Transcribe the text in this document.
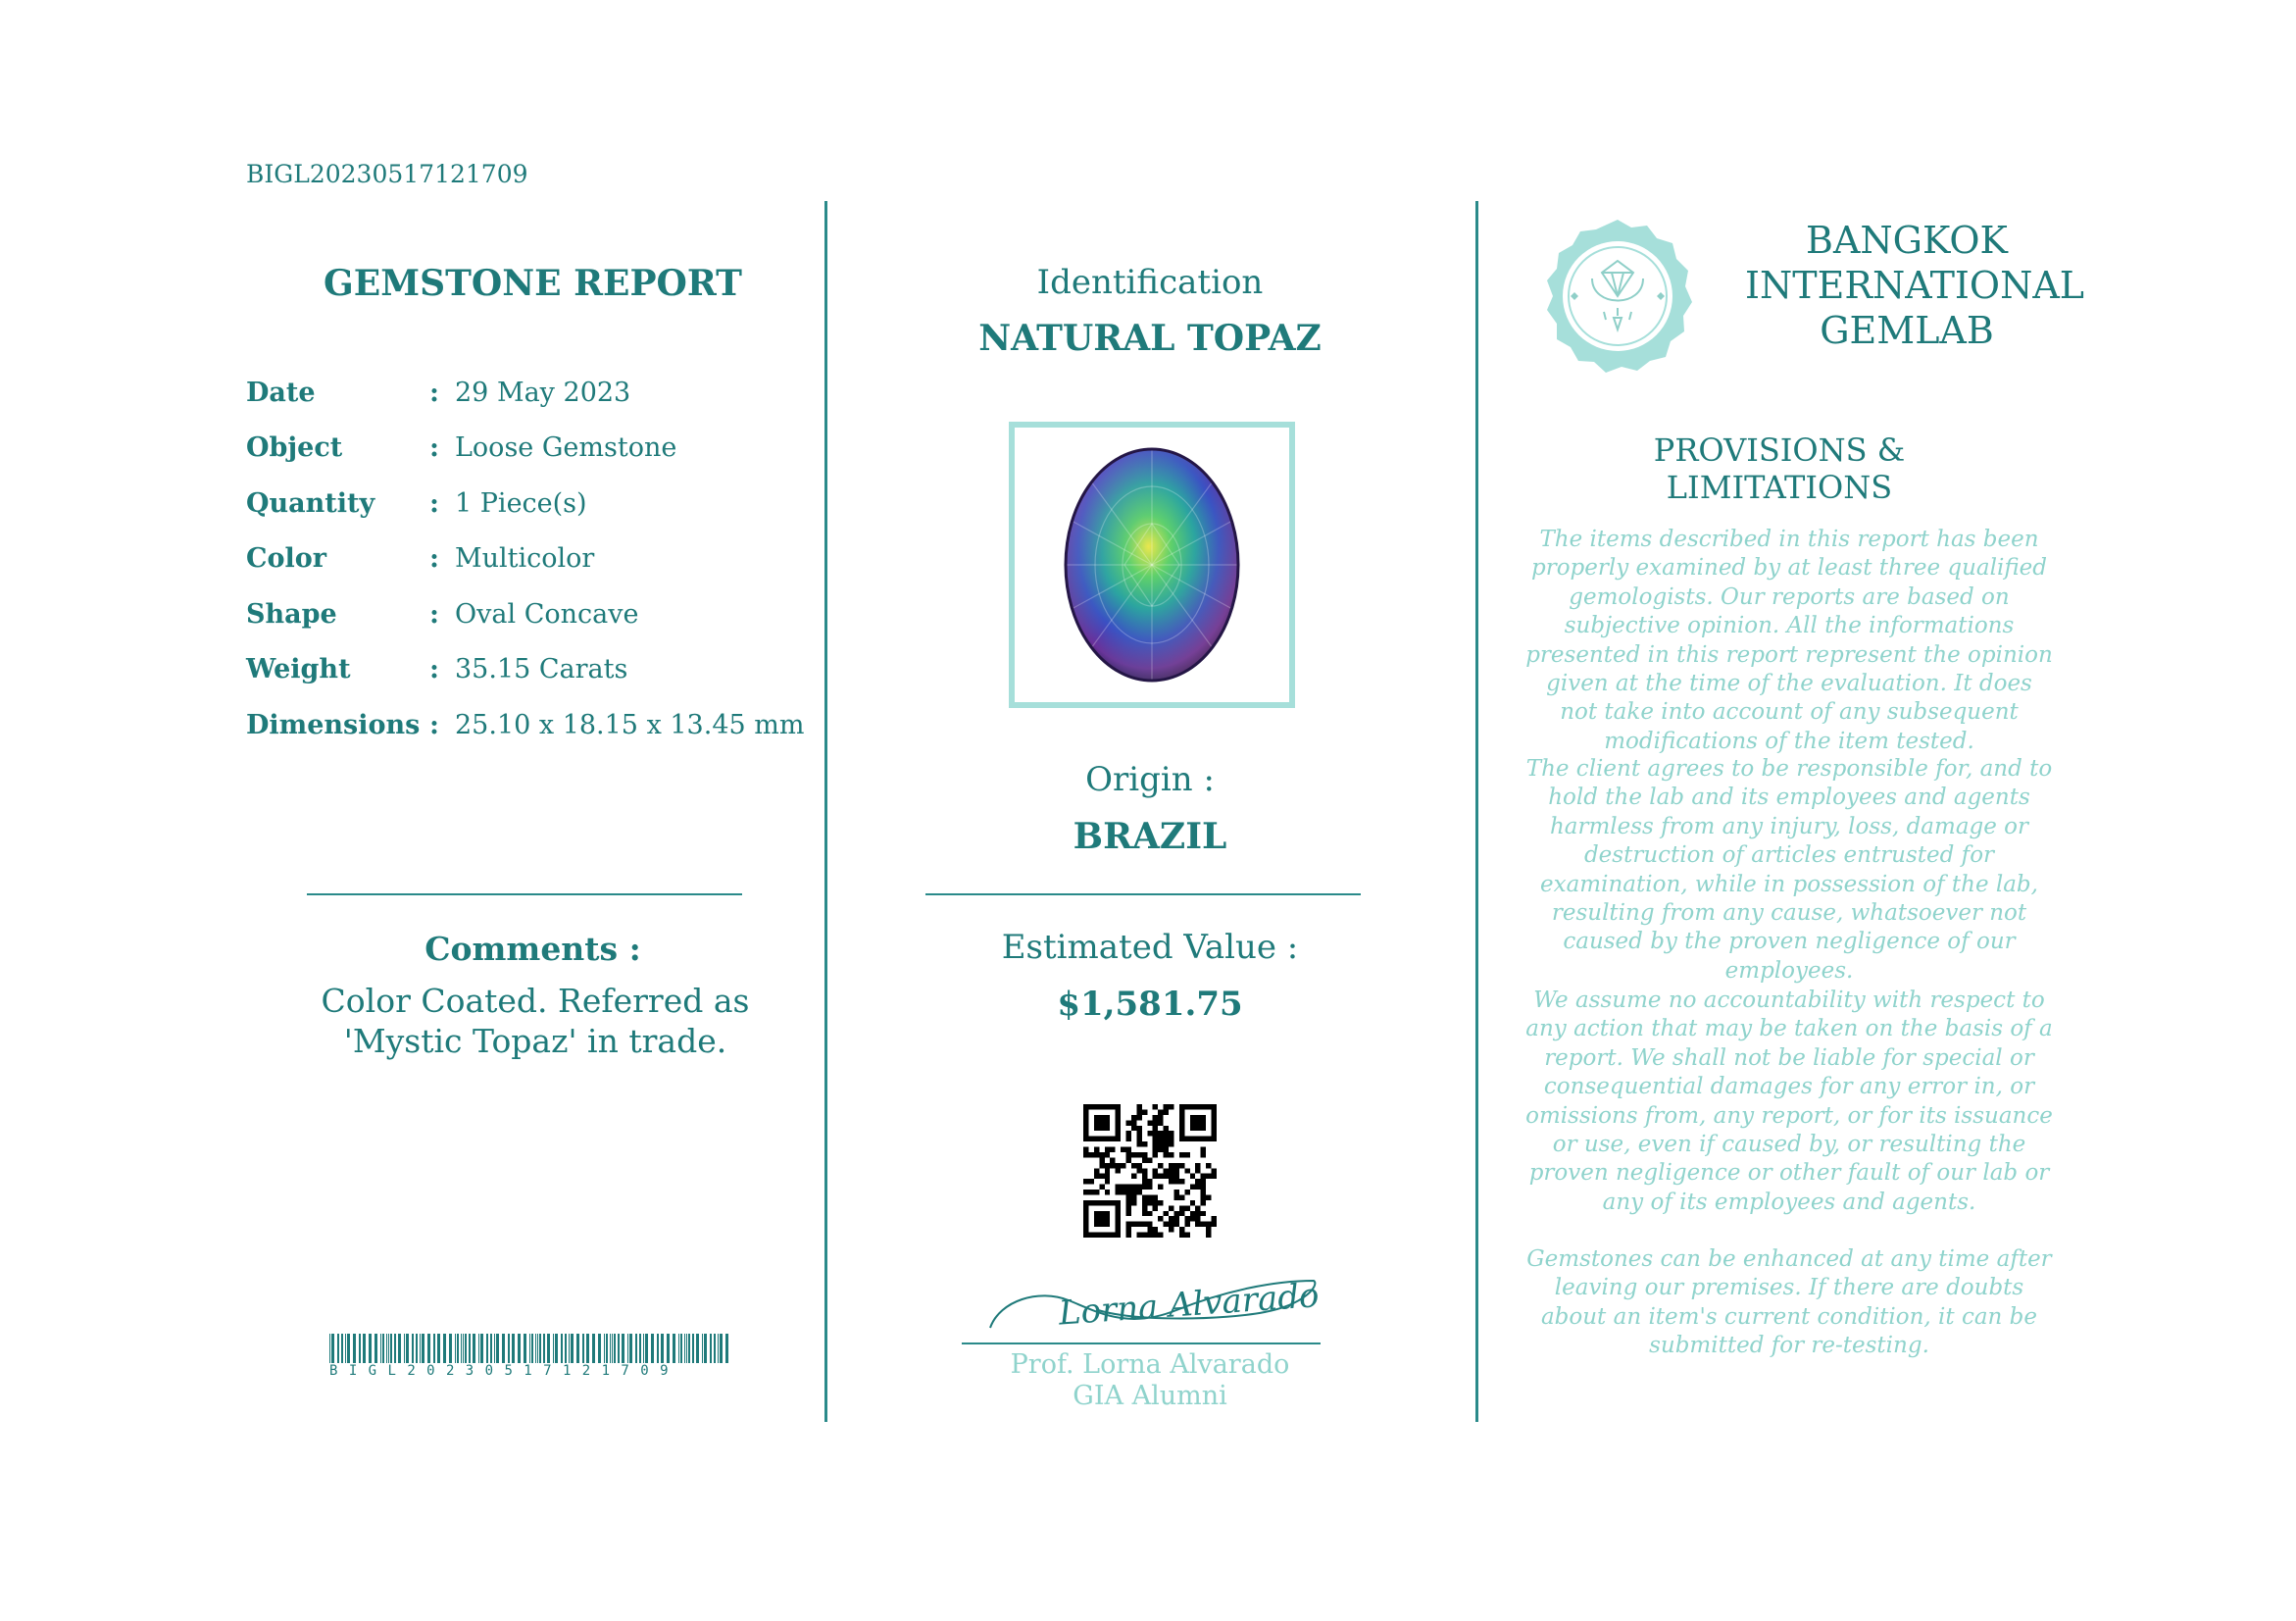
BIGL20230517121709
GEMSTONE REPORT
Date	: 29 May 2023
Object	: Loose Gemstone
Quantity : 1 Piece(s)
Color	: Multicolor
Shape	: Oval Concave
Weight	: 35.15 Carats
Dimensions : 25.10 x 18.15 x 13.45 mm
Comments :
Color Coated. Referred as 'Mystic Topaz' in trade.
BIGL20230517121709
Identification
NATURAL TOPAZ
Origin :
BRAZIL
Estimated Value :
$1,581.75
Lorna Alvarado
Prof. Lorna Alvarado
GIA Alumni
BANGKOK
INTERNATIONAL
GEMLAB
PROVISIONS & LIMITATIONS
The items described in this report has been properly examined by at least three qualified gemologists. Our reports are based on subjective opinion. All the informations presented in this report represent the opinion given at the time of the evaluation. It does not take into account of any subsequent modifications of the item tested.
The client agrees to be responsible for, and to hold the lab and its employees and agents harmless from any injury, loss, damage or destruction of articles entrusted for examination, while in possession of the lab, resulting from any cause, whatsoever not caused by the proven negligence of our employees.
We assume no accountability with respect to any action that may be taken on the basis of a report. We shall not be liable for special or consequential damages for any error in, or omissions from, any report, or for its issuance or use, even if caused by, or resulting the proven negligence or other fault of our lab or any of its employees and agents.
Gemstones can be enhanced at any time after leaving our premises. If there are doubts about an item's current condition, it can be submitted for re-testing.
